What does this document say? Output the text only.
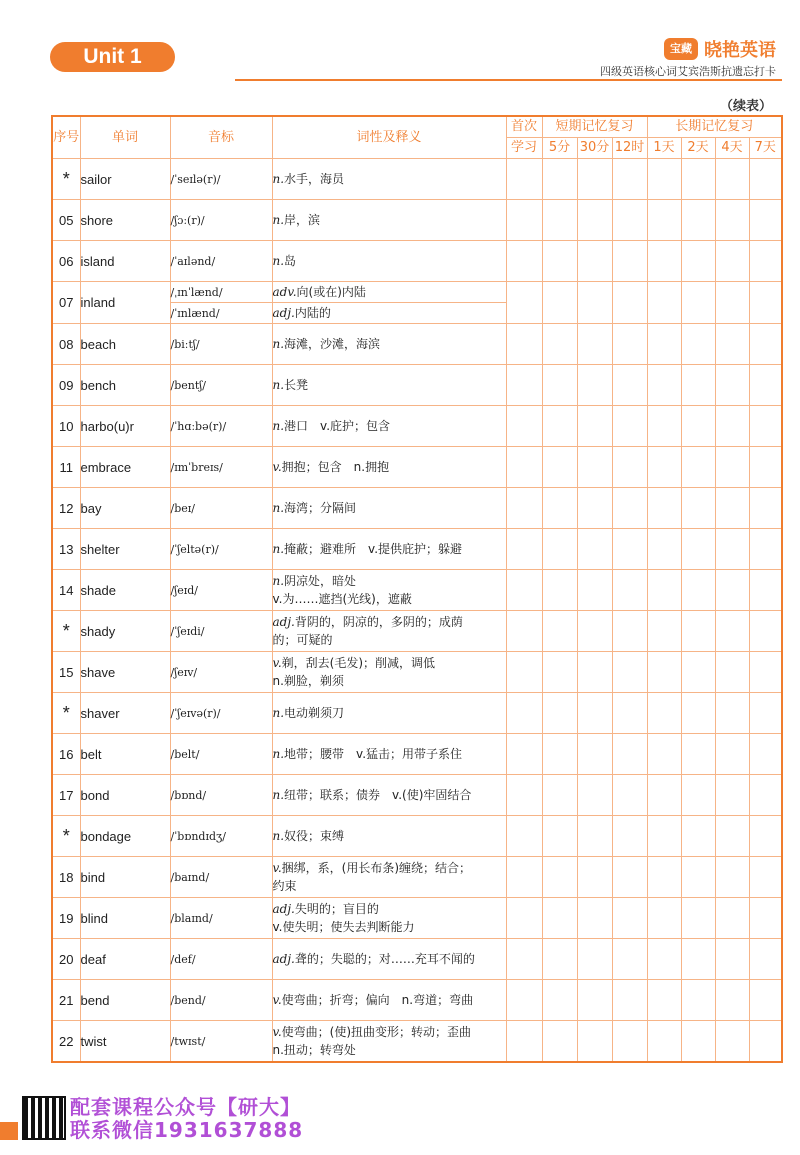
Unit 1	宝藏 晓艳英语
四级英语核心词艾宾浩斯抗遗忘打卡
（续表）
序号	单词	音标	词性及释义	首次	短期记忆复习			长期记忆复习			
				学习	5分	30分	12时	1天	2天	4天	7天
*	sailor	/ˈseɪlə(r)/	n.水手，海员								
05	shore	/ʃɔː(r)/	n.岸，滨								
06	island	/ˈaɪlənd/	n.岛								
07	inland	/ˌɪnˈlænd/	adv.向(或在)内陆								
		/ˈɪnlænd/	adj.内陆的								
08	beach	/biːtʃ/	n.海滩，沙滩，海滨								
09	bench	/bentʃ/	n.长凳								
10	harbo(u)r	/ˈhɑːbə(r)/	n.港口　v.庇护；包含								
11	embrace	/ɪmˈbreɪs/	v.拥抱；包含　n.拥抱								
12	bay	/beɪ/	n.海湾；分隔间								
13	shelter	/ˈʃeltə(r)/	n.掩蔽；避难所　v.提供庇护；躲避								
14	shade	/ʃeɪd/	n.阴凉处，暗处
v.为……遮挡(光线)，遮蔽								
*	shady	/ˈʃeɪdi/	adj.背阴的，阴凉的，多阴的；成荫
的；可疑的								
15	shave	/ʃeɪv/	v.剃，刮去(毛发)；削减，调低
n.剃脸，剃须								
*	shaver	/ˈʃeɪvə(r)/	n.电动剃须刀								
16	belt	/belt/	n.地带；腰带　v.猛击；用带子系住								
17	bond	/bɒnd/	n.纽带；联系；债券　v.(使)牢固结合								
*	bondage	/ˈbɒndɪdʒ/	n.奴役；束缚								
18	bind	/baɪnd/	v.捆绑，系，(用长布条)缠绕；结合；
约束								
19	blind	/blaɪnd/	adj.失明的；盲目的
v.使失明；使失去判断能力								
20	deaf	/def/	adj.聋的；失聪的；对……充耳不闻的								
21	bend	/bend/	v.使弯曲；折弯；偏向　n.弯道；弯曲								
22	twist	/twɪst/	v.使弯曲；(使)扭曲变形；转动；歪曲
n.扭动；转弯处								
配套课程公众号【研大】
联系微信1931637888
